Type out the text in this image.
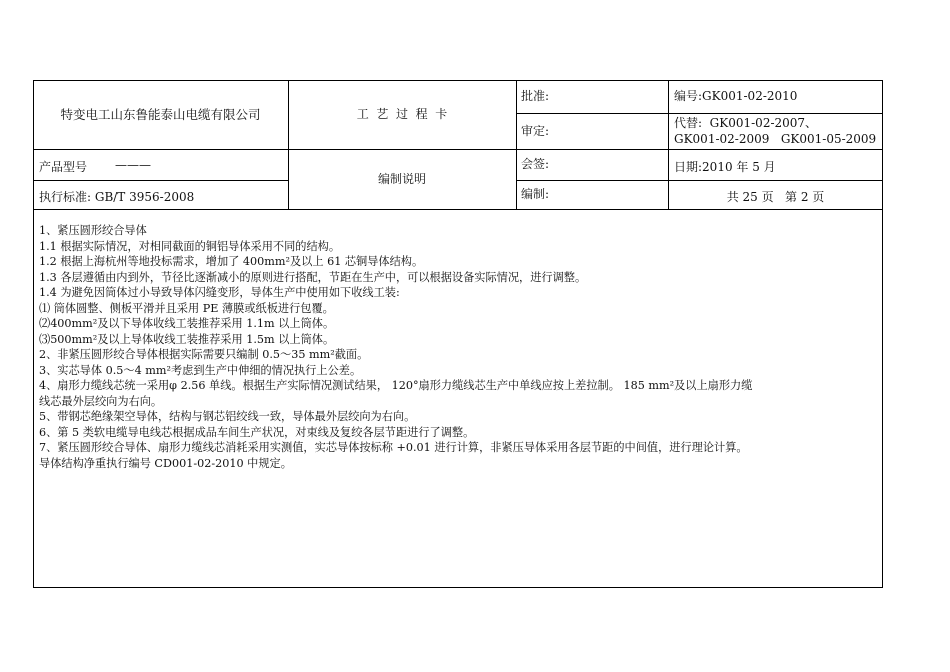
特变电工山东鲁能泰山电缆有限公司	工  艺  过  程  卡
批准:
审定:
编号:GK001-02-2010
代替:  GK001-02-2007、
GK001-02-2009   GK001-05-2009
产品型号 ———
执行标准: GB/T 3956-2008
编制说明
会签:
编制:
日期:2010 年 5 月
共 25 页   第 2 页
1、紧压圆形绞合导体
1.1 根据实际情况，对相同截面的铜铝导体采用不同的结构。
1.2 根据上海杭州等地投标需求，增加了 400mm²及以上 61 芯铜导体结构。
1.3 各层遵循由内到外，节径比逐渐减小的原则进行搭配，节距在生产中，可以根据设备实际情况，进行调整。
1.4 为避免因筒体过小导致导体闪缝变形，导体生产中使用如下收线工装:
⑴ 筒体圆整、侧板平滑并且采用 PE 薄膜或纸板进行包覆。
⑵400mm²及以下导体收线工装推荐采用 1.1m 以上筒体。
⑶500mm²及以上导体收线工装推荐采用 1.5m 以上筒体。
2、非紧压圆形绞合导体根据实际需要只编制 0.5～35 mm²截面。
3、实芯导体 0.5～4 mm²考虑到生产中伸细的情况执行上公差。
4、扇形力缆线芯统一采用φ 2.56 单线。根据生产实际情况测试结果， 120°扇形力缆线芯生产中单线应按上差拉制。 185 mm²及以上扇形力缆
线芯最外层绞向为右向。
5、带钢芯绝缘架空导体，结构与钢芯铝绞线一致，导体最外层绞向为右向。
6、第 5 类软电缆导电线芯根据成品车间生产状况，对束线及复绞各层节距进行了调整。
7、紧压圆形绞合导体、扇形力缆线芯消耗采用实测值，实芯导体按标称 +0.01 进行计算，非紧压导体采用各层节距的中间值，进行理论计算。
导体结构净重执行编号 CD001-02-2010 中规定。
